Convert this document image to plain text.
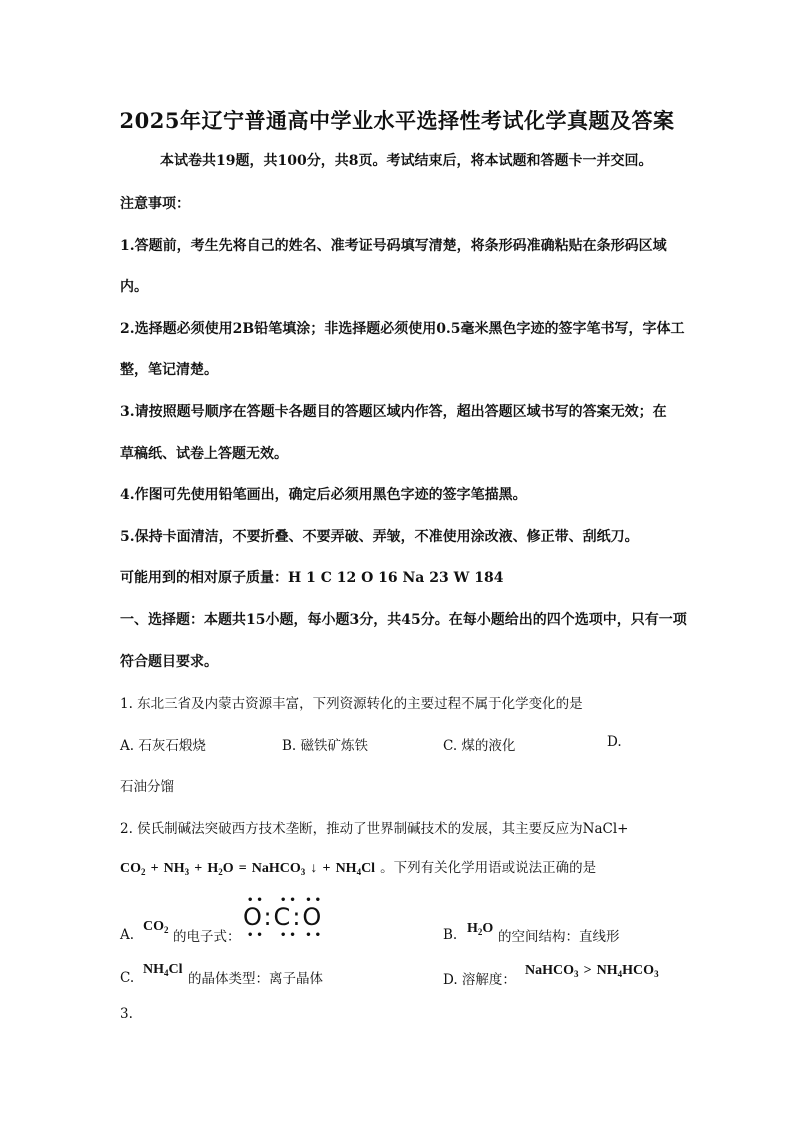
2025年辽宁普通高中学业水平选择性考试化学真题及答案
本试卷共19题，共100分，共8页。考试结束后，将本试题和答题卡一并交回。
注意事项：
1.答题前，考生先将自己的姓名、准考证号码填写清楚，将条形码准确粘贴在条形码区域
内。
2.选择题必须使用2B铅笔填涂；非选择题必须使用0.5毫米黑色字迹的签字笔书写，字体工
整，笔记清楚。
3.请按照题号顺序在答题卡各题目的答题区域内作答，超出答题区域书写的答案无效；在
草稿纸、试卷上答题无效。
4.作图可先使用铅笔画出，确定后必须用黑色字迹的签字笔描黑。
5.保持卡面清洁，不要折叠、不要弄破、弄皱，不准使用涂改液、修正带、刮纸刀。
可能用到的相对原子质量：H 1 C 12 O 16 Na 23 W 184
一、选择题：本题共15小题，每小题3分，共45分。在每小题给出的四个选项中，只有一项
符合题目要求。
1. 东北三省及内蒙古资源丰富，下列资源转化的主要过程不属于化学变化的是
A. 石灰石煅烧	B. 磁铁矿炼铁	C. 煤的液化	D.
石油分馏
2. 侯氏制碱法突破西方技术垄断，推动了世界制碱技术的发展，其主要反应为NaCl+
$CO_2 + NH_3 + H_2O$ = NaHCO$_3$ ↓ + $NH_4Cl$ 。下列有关化学用语或说法正确的是
A.
$CO_2$ 的电子式：
•• •• ••
O:C:O
•• •• ••	B. $H_2O$
的空间结构：直线形
C.
$NH_4Cl$
的晶体类型：离子晶体	D. 溶解度：
NaHCO$_3$ > $NH_4HCO_3$
3.
